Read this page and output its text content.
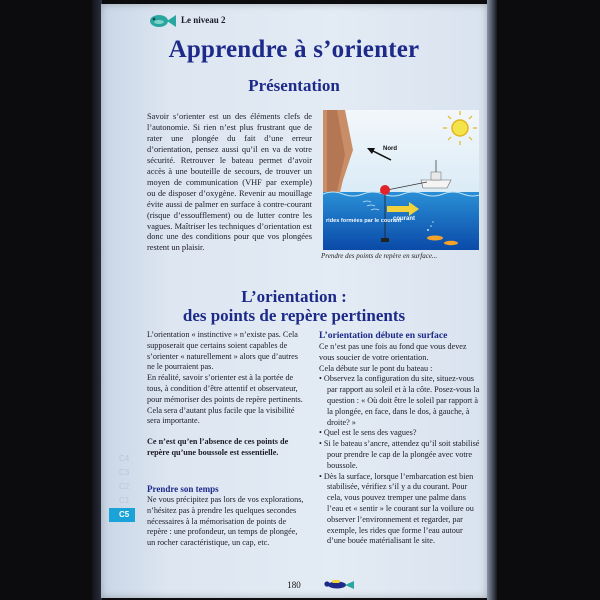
Le niveau 2
Apprendre à s’orienter
Présentation
Savoir s’orienter est un des éléments clefs de l’autonomie. Si rien n’est plus frustrant que de rater une plongée du fait d’une erreur d’orientation, pensez aussi qu’il en va de votre sécurité. Retrouver le bateau permet d’avoir accès à une bouteille de secours, de trouver un moyen de communication (VHF par exemple) ou de disposer d’oxygène. Revenir au mouillage évite aussi de palmer en surface à contre-courant (risque d’essoufflement) ou de lutter contre les vagues. Maîtriser les techniques d’orientation est donc une des conditions pour que vos plongées restent un plaisir.
Nord
courant
rides formées par le courant
Prendre des points de repère en surface...
L’orientation :
des points de repère pertinents

L’orientation « instinctive » n’existe pas. Cela supposerait que certains soient capables de s’orienter « naturellement » alors que d’autres ne le pourraient pas.

En réalité, savoir s’orienter est à la portée de tous, à condition d’être attentif et observateur, pour mémoriser des points de repère pertinents.

Cela sera d’autant plus facile que la visibilité sera importante.

Ce n’est qu’en l’absence de ces points de repère qu’une boussole est essentielle.

Prendre son temps
Ne vous précipitez pas lors de vos explorations, n’hésitez pas à prendre les quelques secondes nécessaires à la mémorisation de points de repère : une profondeur, un temps de plongée, un rocher caractéristique, un cap, etc.
L’orientation débute en surface

Ce n’est pas une fois au fond que vous devez vous soucier de votre orientation.

Cela débute sur le pont du bateau :

• Observez la configuration du site, situez-vous par rapport au soleil et à la côte. Posez-vous la question : « Où doit être le soleil par rapport à la plongée, en face, dans le dos, à gauche, à droite? »

• Quel est le sens des vagues?

• Si le bateau s’ancre, attendez qu’il soit stabilisé pour prendre le cap de la plongée avec votre boussole.

• Dès la surface, lorsque l’embarcation est bien stabilisée, vérifiez s’il y a du courant. Pour cela, vous pouvez tremper une palme dans l’eau et « sentir » le courant sur la voilure ou observer l’environnement et regarder, par exemple, les rides que forme l’eau autour d’une bouée matérialisant le site.

C4
C3
C2
C1
C5
180
